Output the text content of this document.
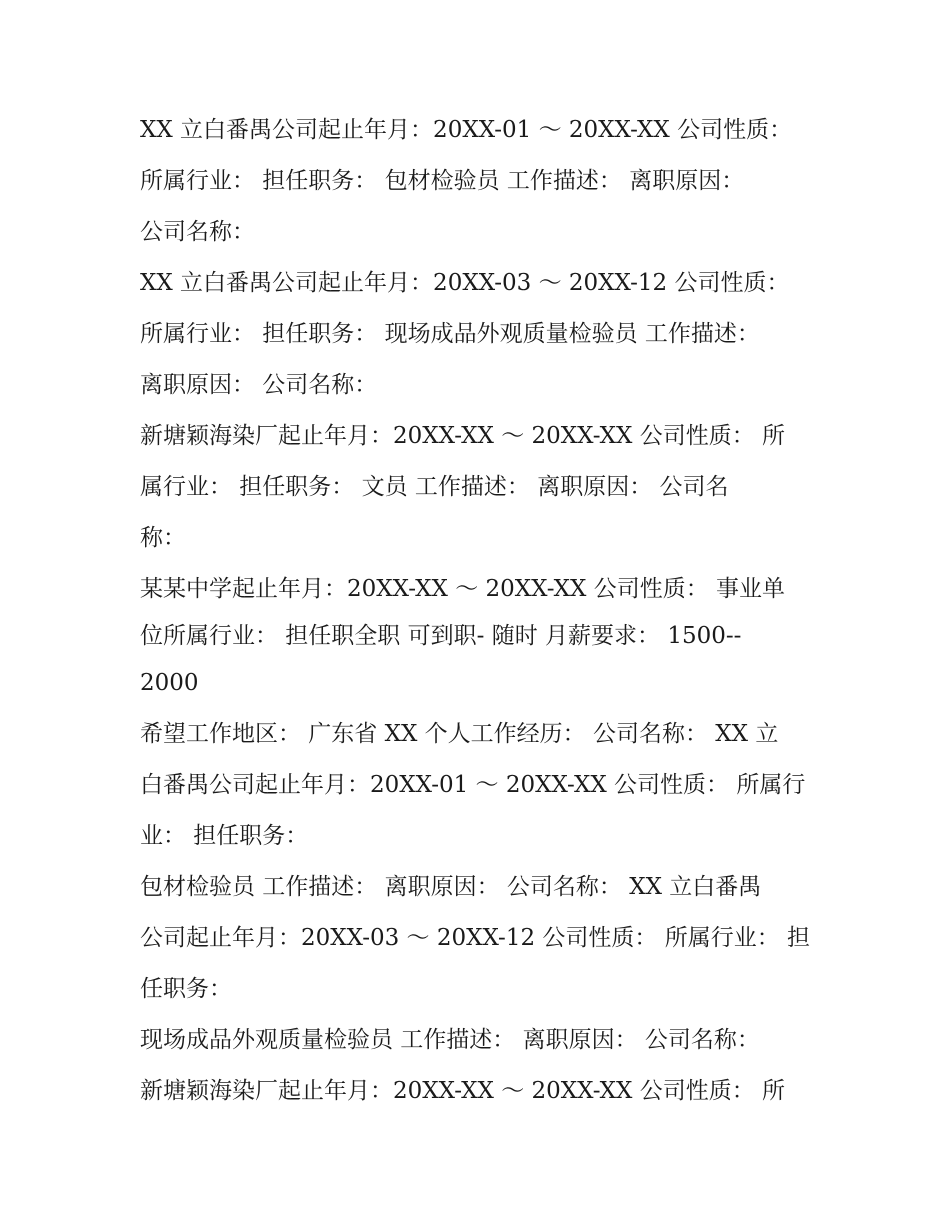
XX 立白番禺公司起止年月：20XX-01 ～ 20XX-XX 公司性质：
所属行业： 担任职务： 包材检验员 工作描述： 离职原因：
公司名称：
XX 立白番禺公司起止年月：20XX-03 ～ 20XX-12 公司性质：
所属行业： 担任职务： 现场成品外观质量检验员 工作描述：
离职原因： 公司名称：
新塘颖海染厂起止年月：20XX-XX ～ 20XX-XX 公司性质： 所
属行业： 担任职务： 文员 工作描述： 离职原因： 公司名
称：
某某中学起止年月：20XX-XX ～ 20XX-XX 公司性质： 事业单
位所属行业： 担任职全职 可到职- 随时 月薪要求： 1500--
2000
希望工作地区： 广东省 XX 个人工作经历： 公司名称： XX 立
白番禺公司起止年月：20XX-01 ～ 20XX-XX 公司性质： 所属行
业： 担任职务：
包材检验员 工作描述： 离职原因： 公司名称： XX 立白番禺
公司起止年月：20XX-03 ～ 20XX-12 公司性质： 所属行业： 担
任职务：
现场成品外观质量检验员 工作描述： 离职原因： 公司名称：
新塘颖海染厂起止年月：20XX-XX ～ 20XX-XX 公司性质： 所
